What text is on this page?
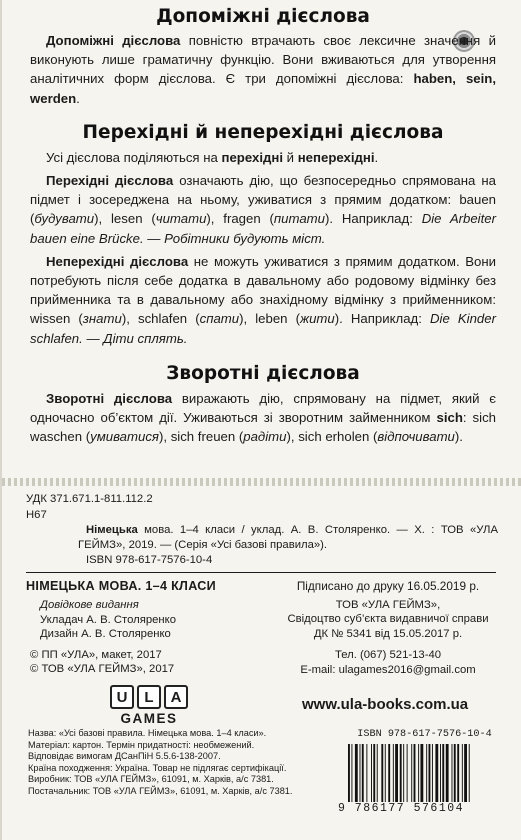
Допоміжні дієслова

Допоміжні дієслова повністю втрачають своє лексичне значення й виконують лише граматичну функцію. Вони вживаються для утворення аналітичних форм дієслова. Є три допоміжні дієслова: haben, sein, werden.

Перехідні й неперехідні дієслова

Усі дієслова поділяються на перехідні й неперехідні.

Перехідні дієслова означають дію, що безпосередньо спрямована на підмет і зосереджена на ньому, уживатися з прямим додатком: bauen (будувати), lesen (читати), fragen (питати). Наприклад: Die Arbeiter bauen eine Brücke. — Робітники будують міст.

Неперехідні дієслова не можуть уживатися з прямим додатком. Вони потребують після себе додатка в давальному або родовому відмінку без прийменника та в давальному або знахідному відмінку з прийменником: wissen (знати), schlafen (спати), leben (жити). Наприклад: Die Kinder schlafen. — Діти сплять.

Зворотні дієслова

Зворотні дієслова виражають дію, спрямовану на підмет, який є одночасно об’єктом дії. Уживаються зі зворотним займенником sich: sich waschen (умиватися), sich freuen (радіти), sich erholen (відпочивати).

УДК 371.671.1-811.112.2
Н67
Німецька мова. 1–4 класи / уклад. А. В. Столяренко. — Х. : ТОВ «УЛА ГЕЙМЗ», 2019. — (Серія «Усі базові правила»).
ISBN 978-617-7576-10-4
НІМЕЦЬКА МОВА. 1–4 КЛАСИ
Довідкове видання
Укладач А. В. Столяренко
Дизайн А. В. Столяренко
© ПП «УЛА», макет, 2017
© ТОВ «УЛА ГЕЙМЗ», 2017
Підписано до друку 16.05.2019 р.
ТОВ «УЛА ГЕЙМЗ»,
Свідоцтво суб’єкта видавничої справи
ДК № 5341 від 15.05.2017 р.
Тел. (067) 521-13-40
E-mail: ulagames2016@gmail.com
U	L	A
GAMES
www.ula-books.com.ua
Назва: «Усі базові правила. Німецька мова. 1–4 класи».
Матеріал: картон. Термін придатності: необмежений.
Відповідає вимогам ДСанПіН 5.5.6-138-2007.
Країна походження: Україна. Товар не підлягає сертифікації.
Виробник: ТОВ «УЛА ГЕЙМЗ», 61091, м. Харків, а/с 7381.
Постачальник: ТОВ «УЛА ГЕЙМЗ», 61091, м. Харків, а/с 7381.
ISBN 978-617-7576-10-4
9 786177 576104
